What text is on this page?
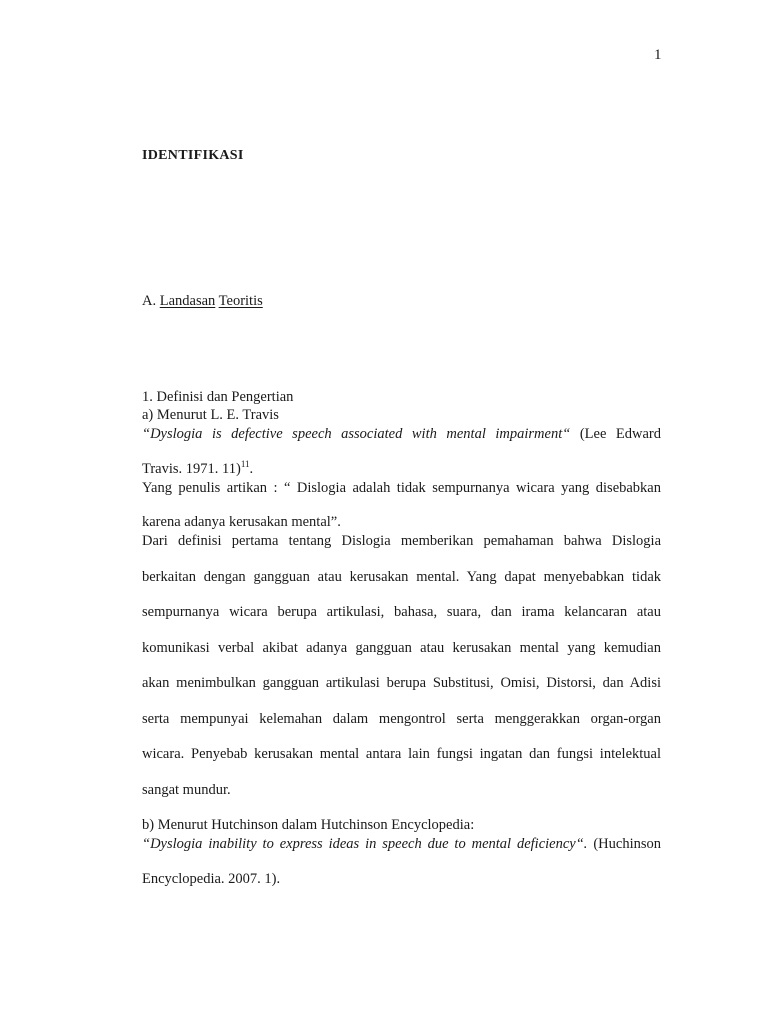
1
IDENTIFIKASI
A. Landasan Teoritis
1. Definisi dan Pengertian
a) Menurut L. E. Travis
“Dyslogia is defective speech associated with mental impairment“ (Lee Edward
Travis. 1971. 11)$^{11}$.
Yang penulis artikan : “ Dislogia adalah tidak sempurnanya wicara yang disebabkan
karena adanya kerusakan mental”.
Dari definisi pertama tentang Dislogia memberikan pemahaman bahwa Dislogia
berkaitan dengan gangguan atau kerusakan mental. Yang dapat menyebabkan tidak
sempurnanya wicara berupa artikulasi, bahasa, suara, dan irama kelancaran atau
komunikasi verbal akibat adanya gangguan atau kerusakan mental yang kemudian
akan menimbulkan gangguan artikulasi berupa Substitusi, Omisi, Distorsi, dan Adisi
serta mempunyai kelemahan dalam mengontrol serta menggerakkan organ-organ
wicara. Penyebab kerusakan mental antara lain fungsi ingatan dan fungsi intelektual
sangat mundur.
b) Menurut Hutchinson dalam Hutchinson Encyclopedia:
“Dyslogia inability to express ideas in speech due to mental deficiency“. (Huchinson
Encyclopedia. 2007. 1).
